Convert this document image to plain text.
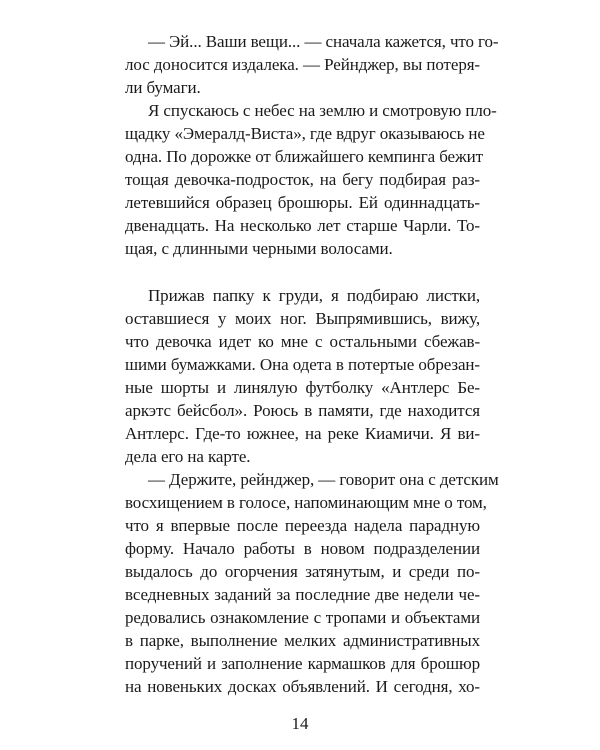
— Эй... Ваши вещи... — сначала кажется, что го-
лос доносится издалека. — Рейнджер, вы потеря-
ли бумаги.
Я спускаюсь с небес на землю и смотрову‍ю пло-
щадку «Эмералд-Виста», где вдруг оказываюсь не
одна. По дорожке от ближайшего кемпинга бежит
тощая девочка-подросток, на бегу подбирая раз-
летевшийся образец брошюры. Ей одиннадцать-
двенадцать. На несколько лет старше Чарли. То-
щая, с длинными черными волосами.
Прижав папку к груди, я подбираю листки,
оставшиеся у моих ног. Выпрямившись, вижу,
что девочка идет ко мне с остальными сбежав-
шими бумажками. Она одета в потертые обрезан-
ные шорты и линялую футболку «Антлерс Бе-
аркэтс бейсбол». Роюсь в памяти, где находится
Антлерс. Где-то южнее, на реке Киамичи. Я ви-
дела его на карте.
— Держите, рейнджер, — говорит она с детским
восхищением в голосе, напоминающим мне о том,
что я впервые после переезда надела парадную
форму. Начало работы в новом подразделении
выдалось до огорчения затянутым, и среди по-
вседневных заданий за последние две недели че-
редовались ознакомление с тропами и объектами
в парке, выполнение мелких административных
поручений и заполнение кармашков для брошюр
на новеньких досках объявлений. И сегодня, хо-
14
